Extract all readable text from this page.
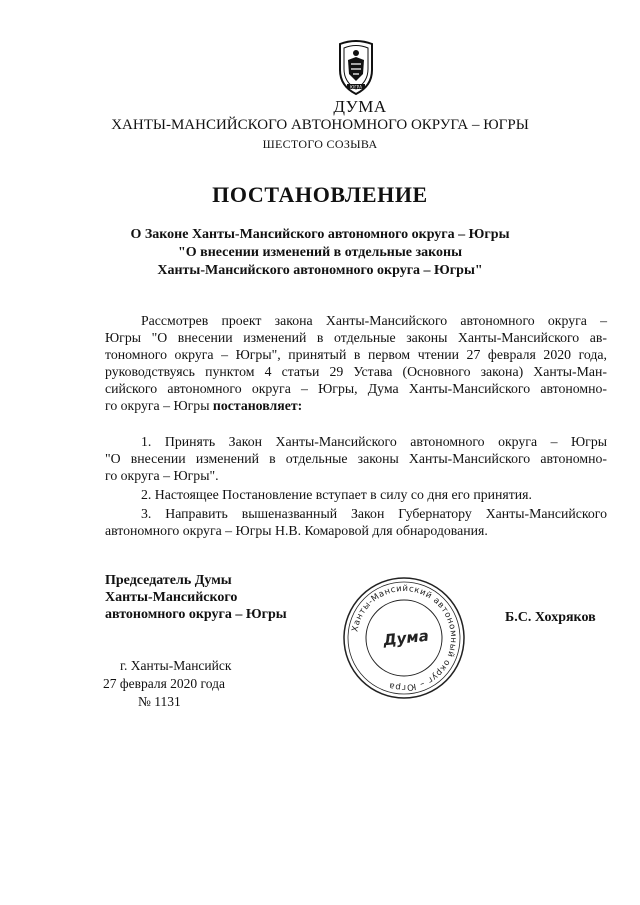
ЮГРА
ДУМА
ХАНТЫ-МАНСИЙСКОГО АВТОНОМНОГО ОКРУГА – ЮГРЫ
ШЕСТОГО СОЗЫВА
ПОСТАНОВЛЕНИЕ
О Законе Ханты-Мансийского автономного округа – Югры
"О внесении изменений в отдельные законы
Ханты-Мансийского автономного округа – Югры"
Рассмотрев проект закона Ханты-Мансийского автономного округа –
Югры "О внесении изменений в отдельные законы Ханты-Мансийского ав-
тономного округа – Югры", принятый в первом чтении 27 февраля 2020 года,
руководствуясь пунктом 4 статьи 29 Устава (Основного закона) Ханты-Ман-
сийского автономного округа – Югры, Дума Ханты-Мансийского автономно-
го округа – Югры постановляет:
1. Принять Закон Ханты-Мансийского автономного округа – Югры
"О внесении изменений в отдельные законы Ханты-Мансийского автономно-
го округа – Югры".
2. Настоящее Постановление вступает в силу со дня его принятия.
3. Направить вышеназванный Закон Губернатору Ханты-Мансийского
автономного округа – Югры Н.В. Комаровой для обнародования.
Председатель Думы
Ханты-Мансийского
автономного округа – Югры
Ханты-Мансийский автономный округ – Югра
Дума
Б.С. Хохряков
г. Ханты-Мансийск
27 февраля 2020 года
№ 1131
